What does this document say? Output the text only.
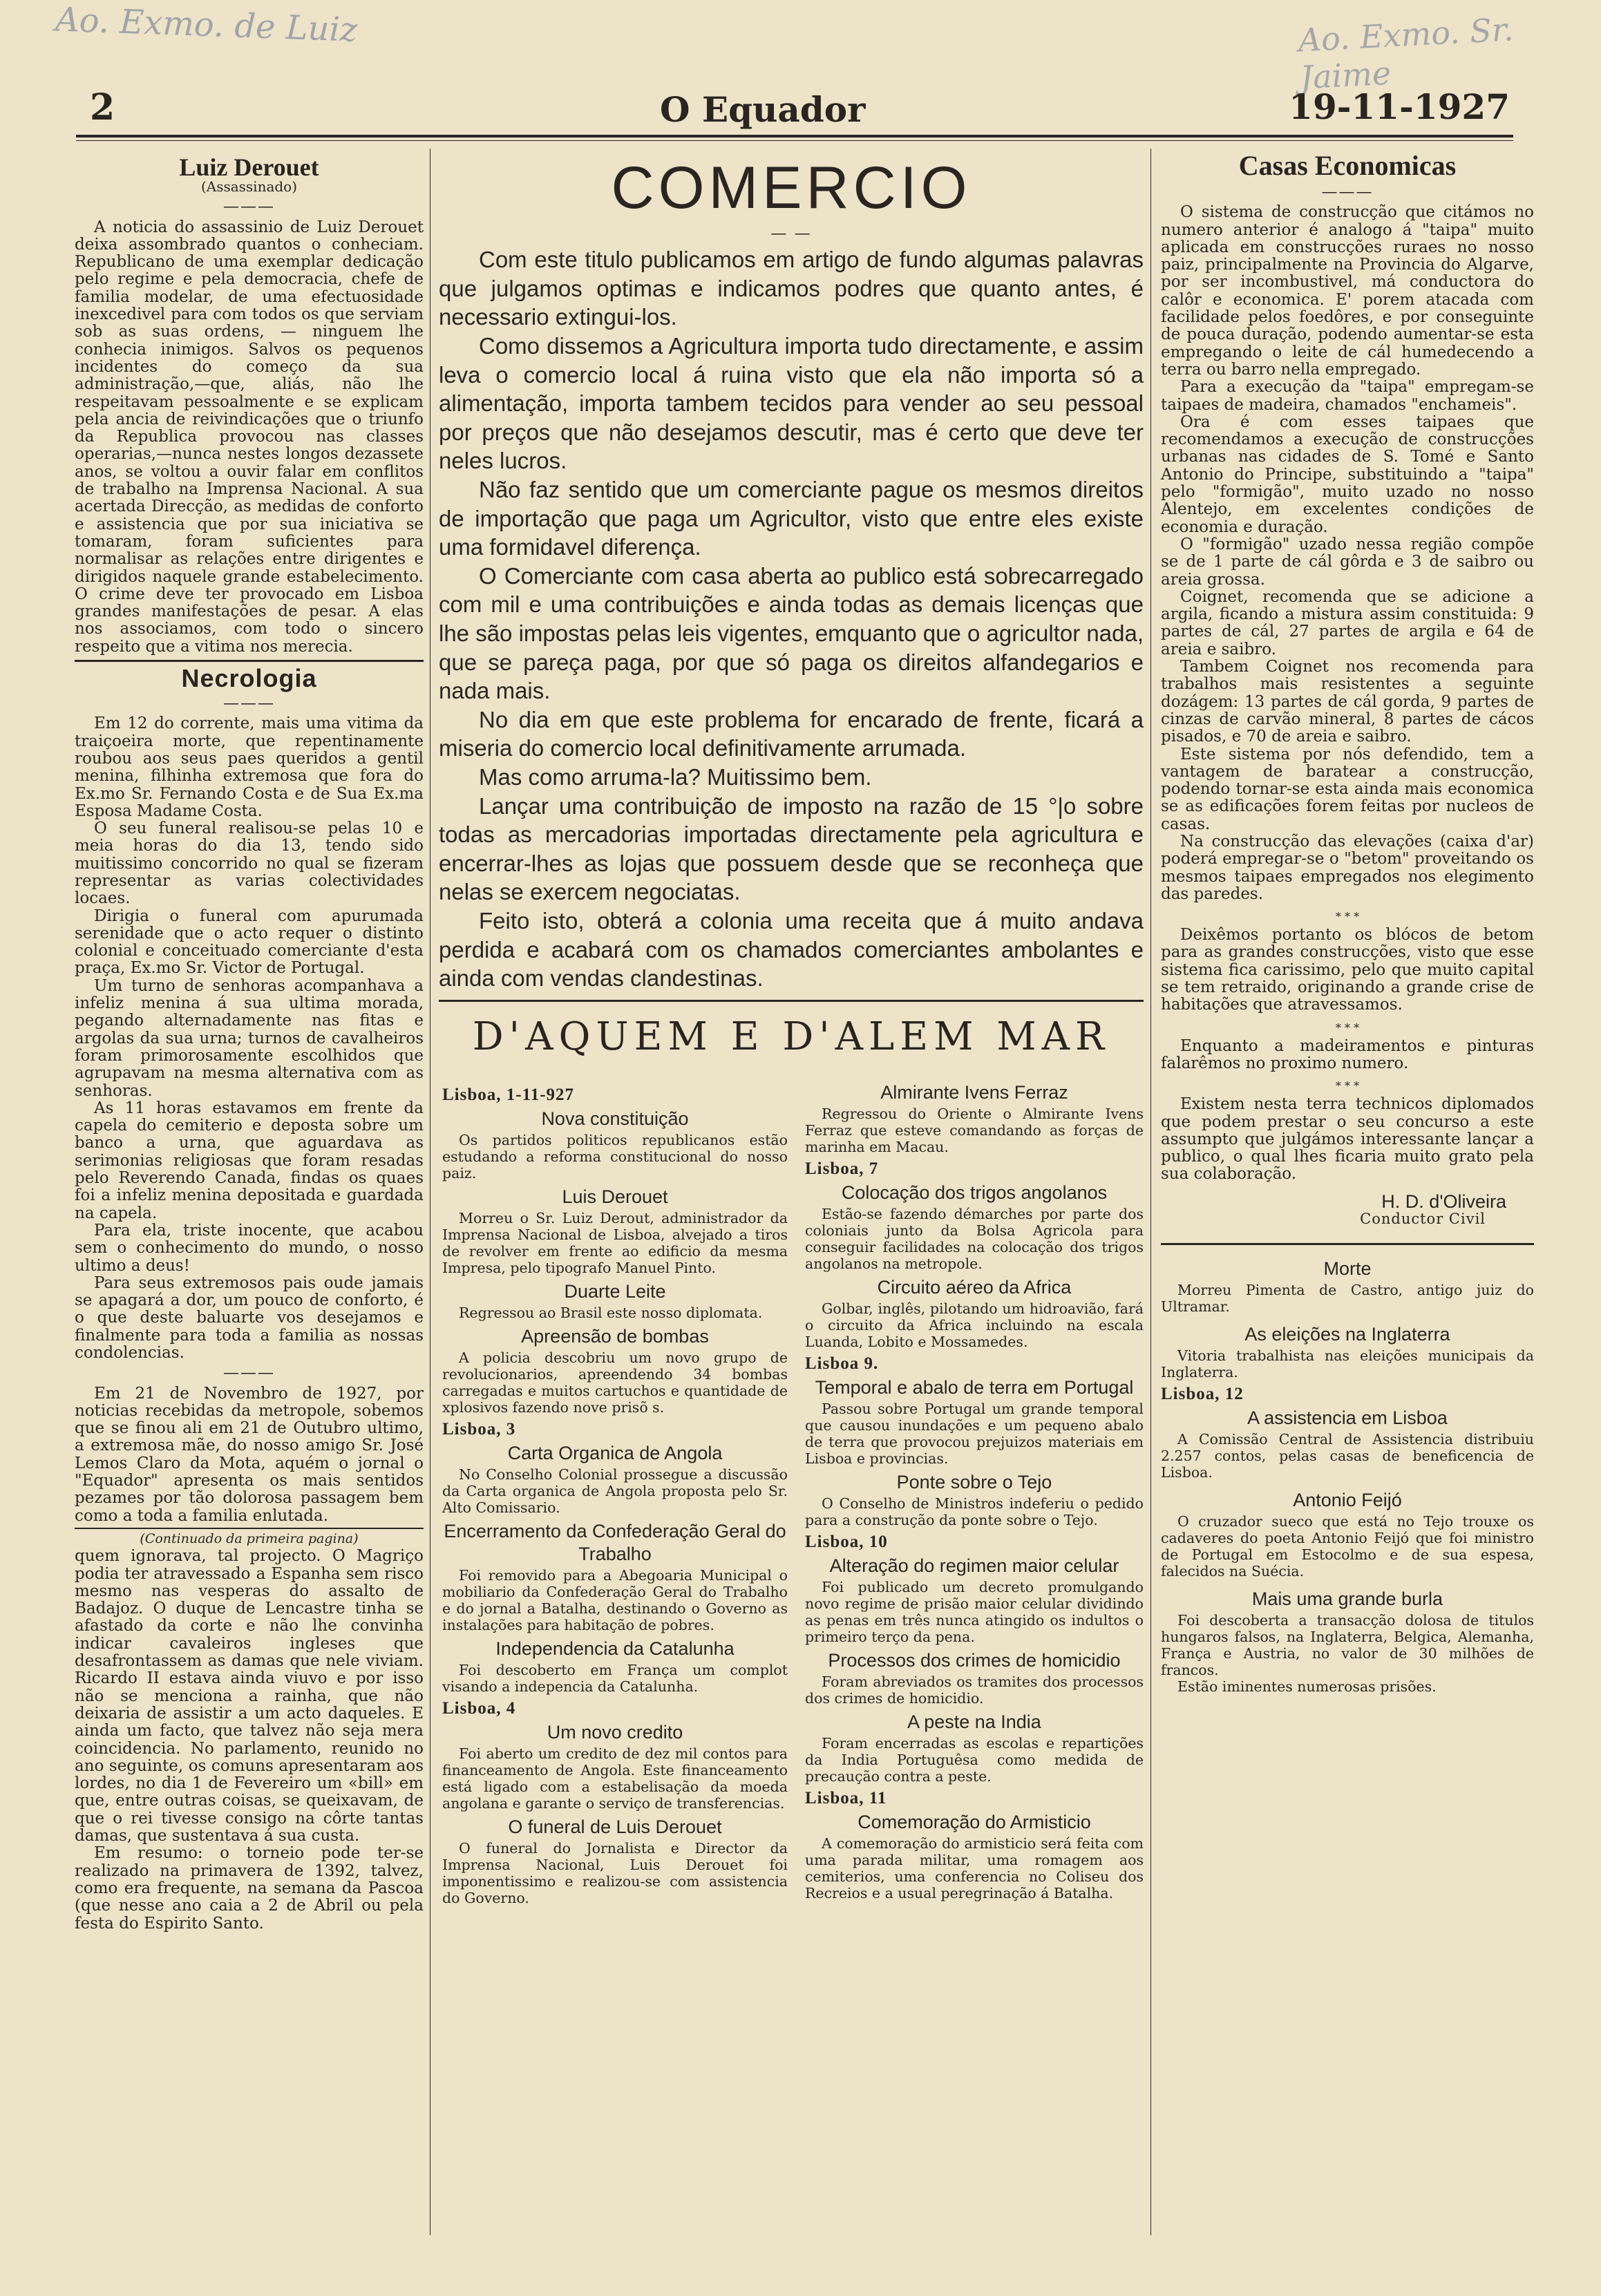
Ao. Exmo. de Luiz	Ao. Exmo. Sr. Jaime
2	O Equador	19-11-1927
Luiz Derouet
(Assassinado)
———

A noticia do assassinio de Luiz Derouet deixa assombrado quantos o conheciam. Republicano de uma exemplar dedicação pelo regime e pela democracia, chefe de familia modelar, de uma efectuosidade inexcedivel para com todos os que serviam sob as suas ordens, — ninguem lhe conhecia inimigos. Salvos os pequenos incidentes do começo da sua administração,—que, aliás, não lhe respeitavam pessoalmente e se explicam pela ancia de reivindicações que o triunfo da Republica provocou nas classes operarias,—nunca nestes longos dezassete anos, se voltou a ouvir falar em conflitos de trabalho na Imprensa Nacional. A sua acertada Direcção, as medidas de conforto e assistencia que por sua iniciativa se tomaram, foram suficientes para normalisar as relações entre dirigentes e dirigidos naquele grande estabelecimento. O crime deve ter provocado em Lisboa grandes manifestações de pesar. A elas nos associamos, com todo o sincero respeito que a vitima nos merecia.

Necrologia
———

Em 12 do corrente, mais uma vitima da traiçoeira morte, que repentinamente roubou aos seus paes queridos a gentil menina, filhinha extremosa que fora do Ex.mo Sr. Fernando Costa e de Sua Ex.ma Esposa Madame Costa.

O seu funeral realisou-se pelas 10 e meia horas do dia 13, tendo sido muitissimo concorrido no qual se fizeram representar as varias colectividades locaes.

Dirigia o funeral com apurumada serenidade que o acto requer o distinto colonial e conceituado comerciante d'esta praça, Ex.mo Sr. Victor de Portugal.

Um turno de senhoras acompanhava a infeliz menina á sua ultima morada, pegando alternadamente nas fitas e argolas da sua urna; turnos de cavalheiros foram primorosamente escolhidos que agrupavam na mesma alternativa com as senhoras.

As 11 horas estavamos em frente da capela do cemiterio e deposta sobre um banco a urna, que aguardava as serimonias religiosas que foram resadas pelo Reverendo Canada, findas os quaes foi a infeliz menina depositada e guardada na capela.

Para ela, triste inocente, que acabou sem o conhecimento do mundo, o nosso ultimo a deus!

Para seus extremosos pais oude jamais se apagará a dor, um pouco de conforto, é o que deste baluarte vos desejamos e finalmente para toda a familia as nossas condolencias.

———

Em 21 de Novembro de 1927, por noticias recebidas da metropole, sobemos que se finou ali em 21 de Outubro ultimo, a extremosa mãe, do nosso amigo Sr. José Lemos Claro da Mota, aquém o jornal o "Equador" apresenta os mais sentidos pezames por tão dolorosa passagem bem como a toda a familia enlutada.

(Continuado da primeira pagina)

quem ignorava, tal projecto. O Magriço podia ter atravessado a Espanha sem risco mesmo nas vesperas do assalto de Badajoz. O duque de Lencastre tinha se afastado da corte e não lhe convinha indicar cavaleiros ingleses que desafrontassem as damas que nele viviam. Ricardo II estava ainda viuvo e por isso não se menciona a rainha, que não deixaria de assistir a um acto daqueles. E ainda um facto, que talvez não seja mera coincidencia. No parlamento, reunido no ano seguinte, os comuns apresentaram aos lordes, no dia 1 de Fevereiro um «bill» em que, entre outras coisas, se queixavam, de que o rei tivesse consigo na côrte tantas damas, que sustentava á sua custa.

Em resumo: o torneio pode ter-se realizado na primavera de 1392, talvez, como era frequente, na semana da Pascoa (que nesse ano caia a 2 de Abril ou pela festa do Espirito Santo.

COMERCIO
— —

Com este titulo publicamos em artigo de fundo algumas palavras que julgamos optimas e indicamos podres que quanto antes, é necessario extingui-los.

Como dissemos a Agricultura importa tudo directamente, e assim leva o comercio local á ruina visto que ela não importa só a alimentação, importa tambem tecidos para vender ao seu pessoal por preços que não desejamos descutir, mas é certo que deve ter neles lucros.

Não faz sentido que um comerciante pague os mesmos direitos de importação que paga um Agricultor, visto que entre eles existe uma formidavel diferença.

O Comerciante com casa aberta ao publico está sobrecarregado com mil e uma contribuições e ainda todas as demais licenças que lhe são impostas pelas leis vigentes, emquanto que o agricultor nada, que se pareça paga, por que só paga os direitos alfandegarios e nada mais.

No dia em que este problema for encarado de frente, ficará a miseria do comercio local definitivamente arrumada.

Mas como arruma-la? Muitissimo bem.

Lançar uma contribuição de imposto na razão de 15 °|o sobre todas as mercadorias importadas directamente pela agricultura e encerrar-lhes as lojas que possuem desde que se reconheça que nelas se exercem negociatas.

Feito isto, obterá a colonia uma receita que á muito andava perdida e acabará com os chamados comerciantes ambolantes e ainda com vendas clandestinas.

D'AQUEM E D'ALEM MAR
Lisboa, 1-11-927
Nova constituição

Os partidos politicos republicanos estão estudando a reforma constitucional do nosso paiz.

Luis Derouet

Morreu o Sr. Luiz Derout, administrador da Imprensa Nacional de Lisboa, alvejado a tiros de revolver em frente ao edificio da mesma Impresa, pelo tipografo Manuel Pinto.

Duarte Leite

Regressou ao Brasil este nosso diplomata.

Apreensão de bombas

A policia descobriu um novo grupo de revolucionarios, apreendendo 34 bombas carregadas e muitos cartuchos e quantidade de xplosivos fazendo nove prisõ s.

Lisboa, 3
Carta Organica de Angola

No Conselho Colonial prossegue a discussão da Carta organica de Angola proposta pelo Sr. Alto Comissario.

Encerramento da Confederação Geral do Trabalho

Foi removido para a Abegoaria Municipal o mobiliario da Confederação Geral do Trabalho e do jornal a Batalha, destinando o Governo as instalações para habitação de pobres.

Independencia da Catalunha

Foi descoberto em França um complot visando a indepencia da Catalunha.

Lisboa, 4
Um novo credito

Foi aberto um credito de dez mil contos para financeamento de Angola. Este financeamento está ligado com a estabelisação da moeda angolana e garante o serviço de transferencias.

O funeral de Luis Derouet

O funeral do Jornalista e Director da Imprensa Nacional, Luis Derouet foi imponentissimo e realizou-se com assistencia do Governo.

Almirante Ivens Ferraz

Regressou do Oriente o Almirante Ivens Ferraz que esteve comandando as forças de marinha em Macau.

Lisboa, 7
Colocação dos trigos angolanos

Estão-se fazendo démarches por parte dos coloniais junto da Bolsa Agricola para conseguir facilidades na colocação dos trigos angolanos na metropole.

Circuito aéreo da Africa

Golbar, inglês, pilotando um hidroavião, fará o circuito da Africa incluindo na escala Luanda, Lobito e Mossamedes.

Lisboa 9.
Temporal e abalo de terra em Portugal

Passou sobre Portugal um grande temporal que causou inundações e um pequeno abalo de terra que provocou prejuizos materiais em Lisboa e provincias.

Ponte sobre o Tejo

O Conselho de Ministros indeferiu o pedido para a construção da ponte sobre o Tejo.

Lisboa, 10
Alteração do regimen maior celular

Foi publicado um decreto promulgando novo regime de prisão maior celular dividindo as penas em três nunca atingido os indultos o primeiro terço da pena.

Processos dos crimes de homicidio

Foram abreviados os tramites dos processos dos crimes de homicidio.

A peste na India

Foram encerradas as escolas e repartições da India Portuguêsa como medida de precaução contra a peste.

Lisboa, 11
Comemoração do Armisticio

A comemoração do armisticio será feita com uma parada militar, uma romagem aos cemiterios, uma conferencia no Coliseu dos Recreios e a usual peregrinação á Batalha.

Casas Economicas
———

O sistema de construcção que citámos no numero anterior é analogo á "taipa" muito aplicada em construcções ruraes no nosso paiz, principalmente na Provincia do Algarve, por ser incombustivel, má conductora do calôr e economica. E' porem atacada com facilidade pelos foedôres, e por conseguinte de pouca duração, podendo aumentar-se esta empregando o leite de cál humedecendo a terra ou barro nella empregado.

Para a execução da "taipa" empregam-se taipaes de madeira, chamados "enchameis".

Ora é com esses taipaes que recomendamos a execução de construcções urbanas nas cidades de S. Tomé e Santo Antonio do Principe, substituindo a "taipa" pelo "formigão", muito uzado no nosso Alentejo, em excelentes condições de economia e duração.

O "formigão" uzado nessa região compõe se de 1 parte de cál gôrda e 3 de saibro ou areia grossa.

Coignet, recomenda que se adicione a argila, ficando a mistura assim constituida: 9 partes de cál, 27 partes de argila e 64 de areia e saibro.

Tambem Coignet nos recomenda para trabalhos mais resistentes a seguinte dozágem: 13 partes de cál gorda, 9 partes de cinzas de carvão mineral, 8 partes de cácos pisados, e 70 de areia e saibro.

Este sistema por nós defendido, tem a vantagem de baratear a construcção, podendo tornar-se esta ainda mais economica se as edificações forem feitas por nucleos de casas.

Na construcção das elevações (caixa d'ar) poderá empregar-se o "betom" proveitando os mesmos taipaes empregados nos elegimento das paredes.

* * *

Deixêmos portanto os blócos de betom para as grandes construcções, visto que esse sistema fica carissimo, pelo que muito capital se tem retraido, originando a grande crise de habitações que atravessamos.

* * *

Enquanto a madeiramentos e pinturas falarêmos no proximo numero.

* * *

Existem nesta terra technicos diplomados que podem prestar o seu concurso a este assumpto que julgámos interessante lançar a publico, o qual lhes ficaria muito grato pela sua colaboração.

H. D. d'Oliveira
Conductor Civil
Morte

Morreu Pimenta de Castro, antigo juiz do Ultramar.

As eleições na Inglaterra

Vitoria trabalhista nas eleições municipais da Inglaterra.

Lisboa, 12
A assistencia em Lisboa

A Comissão Central de Assistencia distribuiu 2.257 contos, pelas casas de beneficencia de Lisboa.

Antonio Feijó

O cruzador sueco que está no Tejo trouxe os cadaveres do poeta Antonio Feijó que foi ministro de Portugal em Estocolmo e de sua espesa, falecidos na Suécia.

Mais uma grande burla

Foi descoberta a transacção dolosa de titulos hungaros falsos, na Inglaterra, Belgica, Alemanha, França e Austria, no valor de 30 milhões de francos.

Estão iminentes numerosas prisões.
